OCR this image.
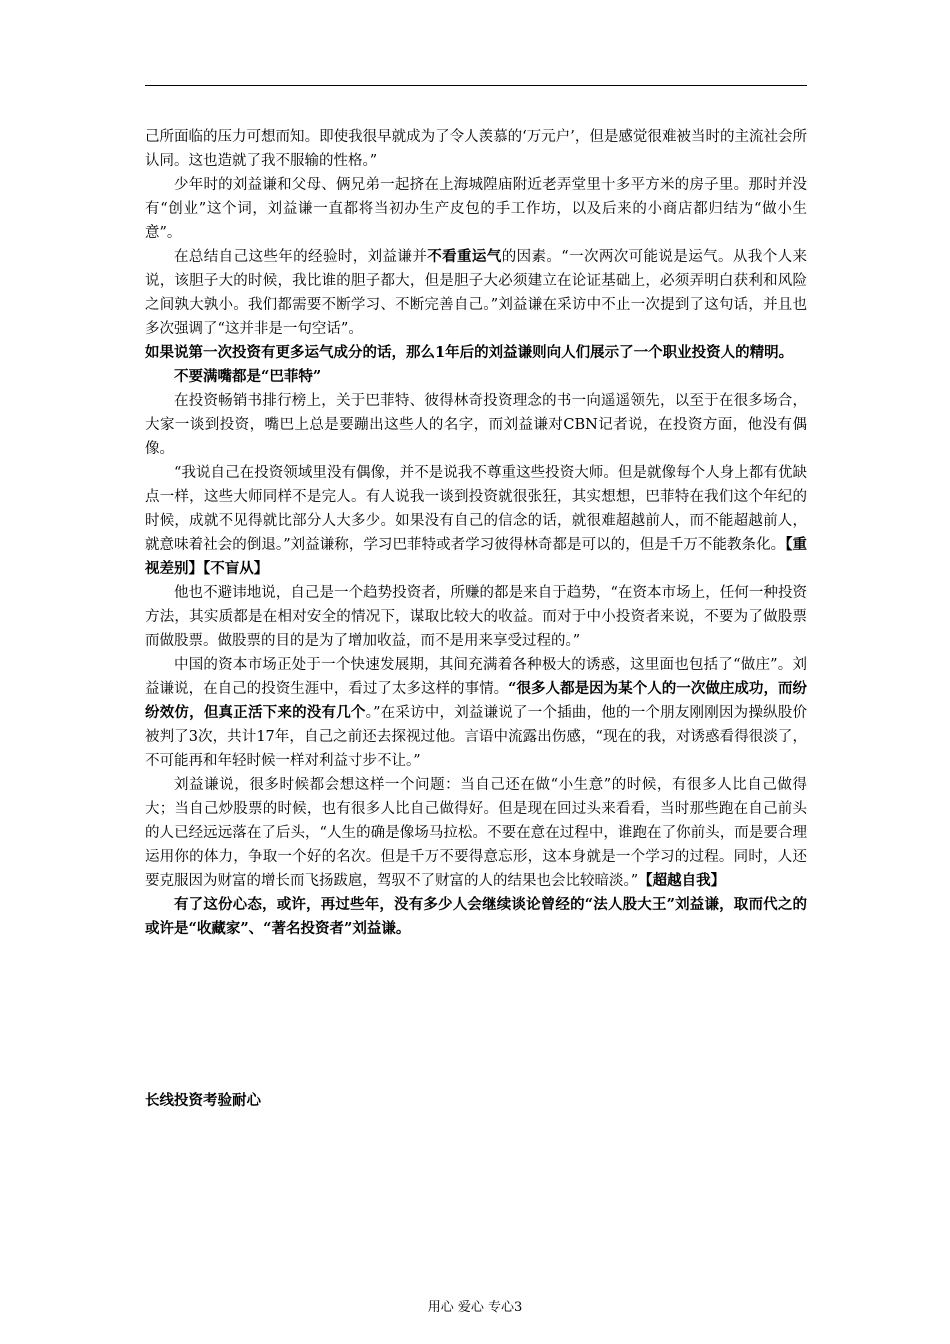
己所面临的压力可想而知。即使我很早就成为了令人羡慕的‘万元户’，但是感觉很难被当时的主流社会所认同。这也造就了我不服输的性格。”

少年时的刘益谦和父母、俩兄弟一起挤在上海城隍庙附近老弄堂里十多平方米的房子里。那时并没有“创业”这个词，刘益谦一直都将当初办生产皮包的手工作坊，以及后来的小商店都归结为“做小生意”。

在总结自己这些年的经验时，刘益谦并不看重运气的因素。“一次两次可能说是运气。从我个人来说，该胆子大的时候，我比谁的胆子都大，但是胆子大必须建立在论证基础上，必须弄明白获利和风险之间孰大孰小。我们都需要不断学习、不断完善自己。”刘益谦在采访中不止一次提到了这句话，并且也多次强调了“这并非是一句空话”。

如果说第一次投资有更多运气成分的话，那么1年后的刘益谦则向人们展示了一个职业投资人的精明。

不要满嘴都是“巴菲特”

在投资畅销书排行榜上，关于巴菲特、彼得林奇投资理念的书一向遥遥领先，以至于在很多场合，大家一谈到投资，嘴巴上总是要蹦出这些人的名字，而刘益谦对CBN记者说，在投资方面，他没有偶像。

“我说自己在投资领域里没有偶像，并不是说我不尊重这些投资大师。但是就像每个人身上都有优缺点一样，这些大师同样不是完人。有人说我一谈到投资就很张狂，其实想想，巴菲特在我们这个年纪的时候，成就不见得就比部分人大多少。如果没有自己的信念的话，就很难超越前人，而不能超越前人，就意味着社会的倒退。”刘益谦称，学习巴菲特或者学习彼得林奇都是可以的，但是千万不能教条化。【重视差别】【不盲从】

他也不避讳地说，自己是一个趋势投资者，所赚的都是来自于趋势，“在资本市场上，任何一种投资方法，其实质都是在相对安全的情况下，谋取比较大的收益。而对于中小投资者来说，不要为了做股票而做股票。做股票的目的是为了增加收益，而不是用来享受过程的。”

中国的资本市场正处于一个快速发展期，其间充满着各种极大的诱惑，这里面也包括了“做庄”。刘益谦说，在自己的投资生涯中，看过了太多这样的事情。“很多人都是因为某个人的一次做庄成功，而纷纷效仿，但真正活下来的没有几个。”在采访中，刘益谦说了一个插曲，他的一个朋友刚刚因为操纵股价被判了3次，共计17年，自己之前还去探视过他。言语中流露出伤感，“现在的我，对诱惑看得很淡了，不可能再和年轻时候一样对利益寸步不让。”

刘益谦说，很多时候都会想这样一个问题：当自己还在做“小生意”的时候，有很多人比自己做得大；当自己炒股票的时候，也有很多人比自己做得好。但是现在回过头来看看，当时那些跑在自己前头的人已经远远落在了后头，“人生的确是像场马拉松。不要在意在过程中，谁跑在了你前头，而是要合理运用你的体力，争取一个好的名次。但是千万不要得意忘形，这本身就是一个学习的过程。同时，人还要克服因为财富的增长而飞扬跋扈，驾驭不了财富的人的结果也会比较暗淡。”【超越自我】

有了这份心态，或许，再过些年，没有多少人会继续谈论曾经的“法人股大王”刘益谦，取而代之的或许是“收藏家”、“著名投资者”刘益谦。

长线投资考验耐心

用心 爱心 专心3
